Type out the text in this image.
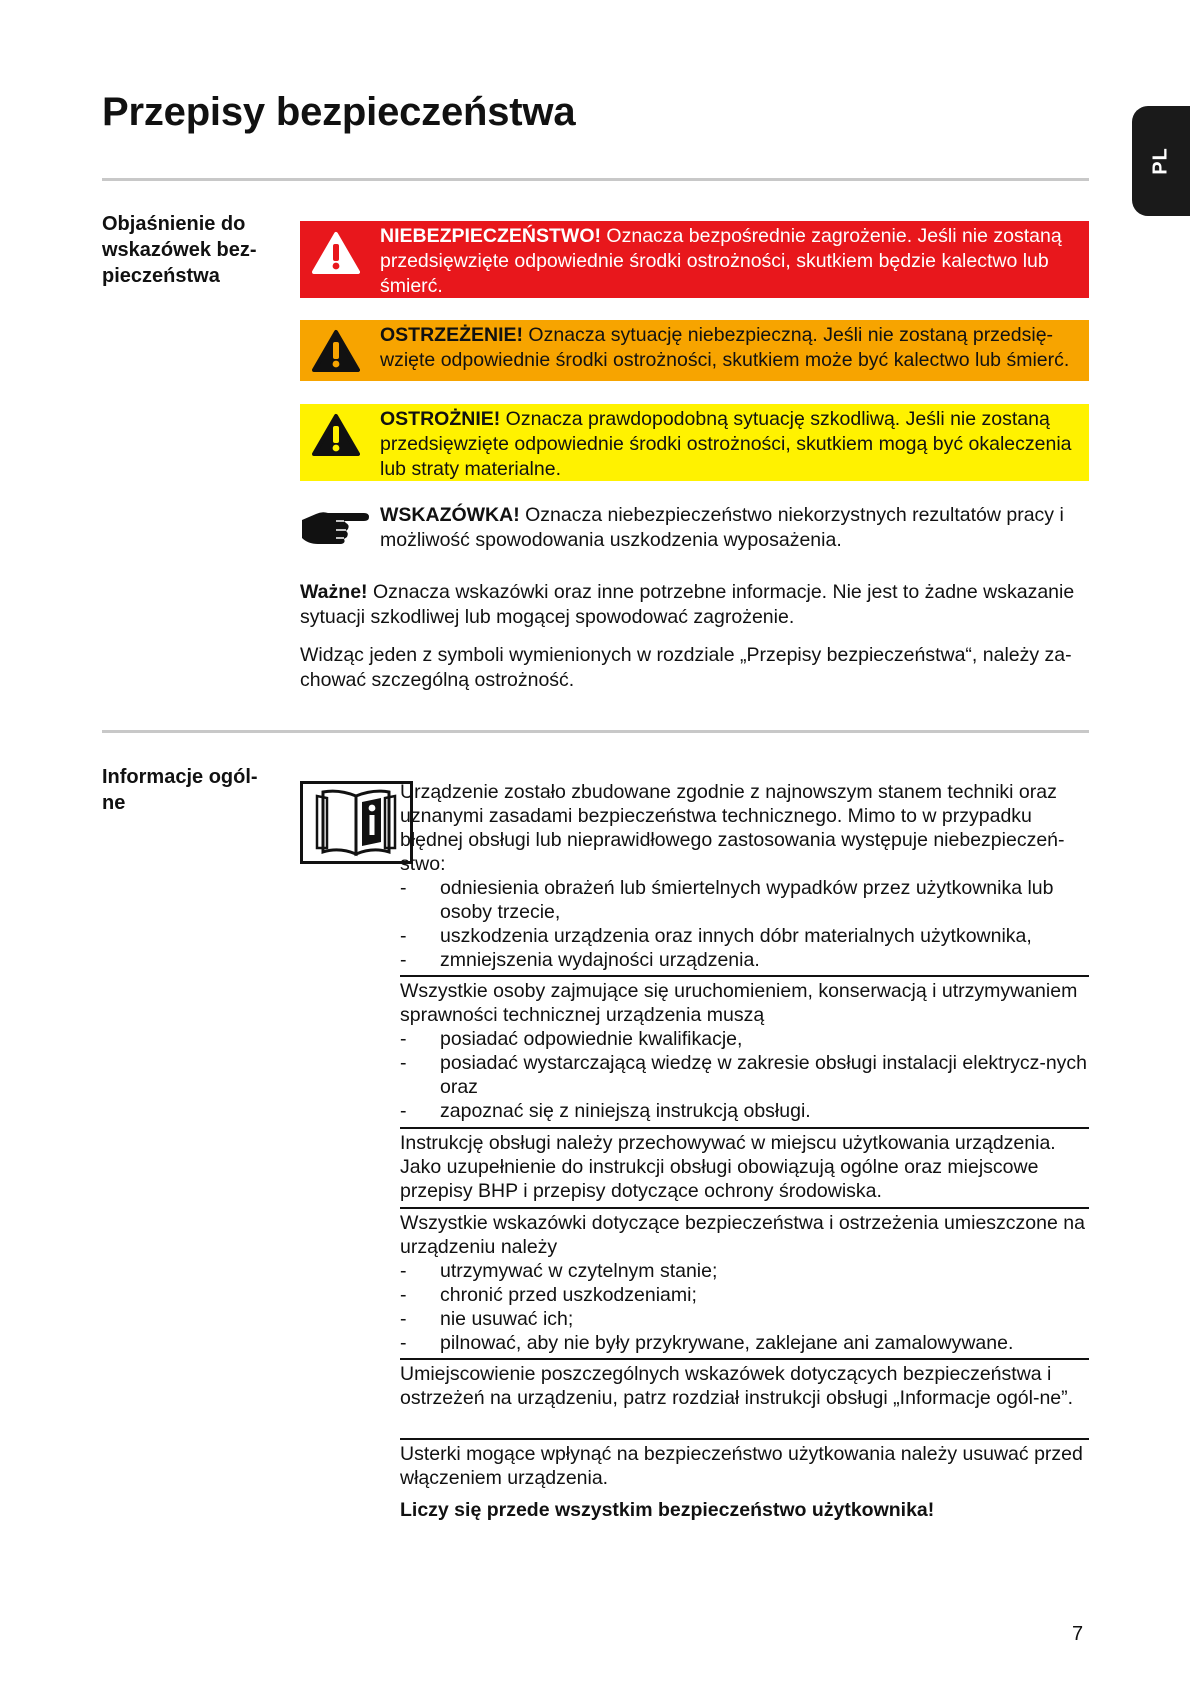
Przepisy bezpieczeństwa
PL
Objaśnienie do wskazówek bez-pieczeństwa
NIEBEZPIECZEŃSTWO! Oznacza bezpośrednie zagrożenie. Jeśli nie zostaną przedsięwzięte odpowiednie środki ostrożności, skutkiem będzie kalectwo lub śmierć.
OSTRZEŻENIE! Oznacza sytuację niebezpieczną. Jeśli nie zostaną przedsię-wzięte odpowiednie środki ostrożności, skutkiem może być kalectwo lub śmierć.
OSTROŻNIE! Oznacza prawdopodobną sytuację szkodliwą. Jeśli nie zostaną przedsięwzięte odpowiednie środki ostrożności, skutkiem mogą być okaleczenia lub straty materialne.
WSKAZÓWKA! Oznacza niebezpieczeństwo niekorzystnych rezultatów pracy i możliwość spowodowania uszkodzenia wyposażenia.

Ważne! Oznacza wskazówki oraz inne potrzebne informacje. Nie jest to żadne wskazanie sytuacji szkodliwej lub mogącej spowodować zagrożenie.

Widząc jeden z symboli wymienionych w rozdziale „Przepisy bezpieczeństwa“, należy za-chować szczególną ostrożność.

Informacje ogól-ne	Urządzenie zostało zbudowane zgodnie z najnowszym stanem techniki oraz uznanymi zasadami bezpieczeństwa technicznego. Mimo to w przypadku błędnej obsługi lub nieprawidłowego zastosowania występuje niebezpieczeń-stwo:
-	odniesienia obrażeń lub śmiertelnych wypadków przez użytkownika lub osoby trzecie,
-	uszkodzenia urządzenia oraz innych dóbr materialnych użytkownika,
-	zmniejszenia wydajności urządzenia.
Wszystkie osoby zajmujące się uruchomieniem, konserwacją i utrzymywaniem sprawności technicznej urządzenia muszą
-	posiadać odpowiednie kwalifikacje,
-	posiadać wystarczającą wiedzę w zakresie obsługi instalacji elektrycz-nych oraz
-	zapoznać się z niniejszą instrukcją obsługi.
Instrukcję obsługi należy przechowywać w miejscu użytkowania urządzenia. Jako uzupełnienie do instrukcji obsługi obowiązują ogólne oraz miejscowe przepisy BHP i przepisy dotyczące ochrony środowiska.
Wszystkie wskazówki dotyczące bezpieczeństwa i ostrzeżenia umieszczone na urządzeniu należy
-	utrzymywać w czytelnym stanie;
-	chronić przed uszkodzeniami;
-	nie usuwać ich;
-	pilnować, aby nie były przykrywane, zaklejane ani zamalowywane.
Umiejscowienie poszczególnych wskazówek dotyczących bezpieczeństwa i ostrzeżeń na urządzeniu, patrz rozdział instrukcji obsługi „Informacje ogól-ne”.
Usterki mogące wpłynąć na bezpieczeństwo użytkowania należy usuwać przed włączeniem urządzenia.
Liczy się przede wszystkim bezpieczeństwo użytkownika!
7
